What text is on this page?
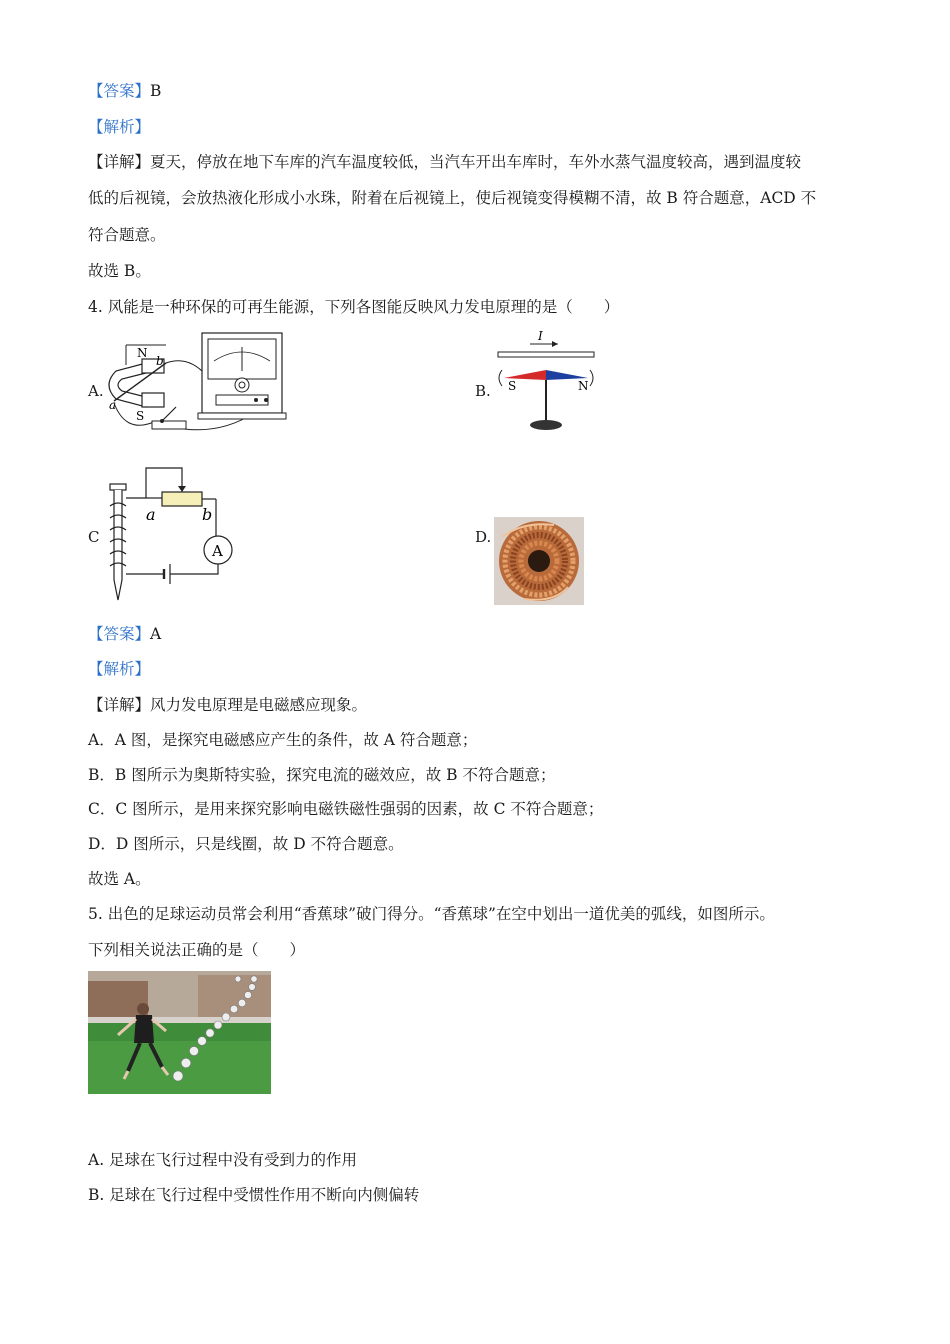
【答案】B
【解析】
【详解】夏天，停放在地下车库的汽车温度较低，当汽车开出车库时，车外水蒸气温度较高，遇到温度较
低的后视镜，会放热液化形成小水珠，附着在后视镜上，使后视镜变得模糊不清，故 B 符合题意，ACD 不
符合题意。
故选 B。
4. 风能是一种环保的可再生能源，下列各图能反映风力发电原理的是（　　）
A.
N
S
a
b
B.
I
S	N
C
a	b
A
D.
【答案】A
【解析】
【详解】风力发电原理是电磁感应现象。
A．A 图，是探究电磁感应产生的条件，故 A 符合题意；
B．B 图所示为奥斯特实验，探究电流的磁效应，故 B 不符合题意；
C．C 图所示，是用来探究影响电磁铁磁性强弱的因素，故 C 不符合题意；
D．D 图所示，只是线圈，故 D 不符合题意。
故选 A。
5. 出色的足球运动员常会利用“香蕉球”破门得分。“香蕉球”在空中划出一道优美的弧线，如图所示。
下列相关说法正确的是（　　）
A. 足球在飞行过程中没有受到力的作用
B. 足球在飞行过程中受惯性作用不断向内侧偏转
